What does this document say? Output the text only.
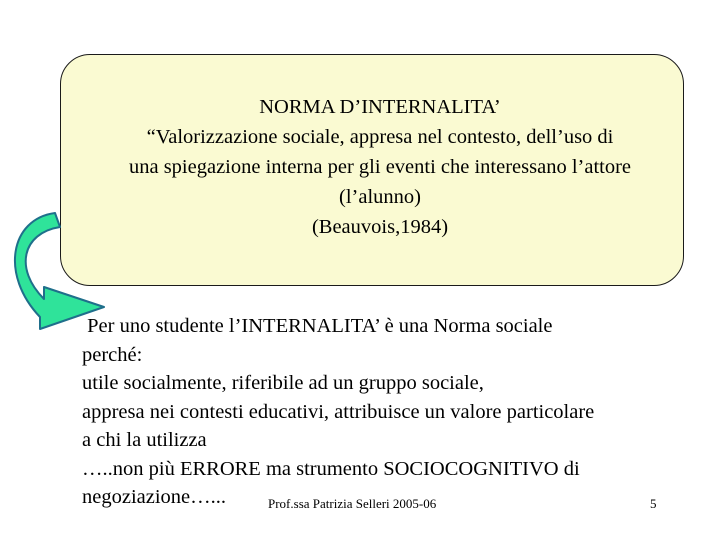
NORMA D’INTERNALITA’
“Valorizzazione sociale, appresa nel contesto, dell’uso di
una spiegazione interna per gli eventi che interessano l’attore
(l’alunno)
(Beauvois,1984)
Per uno studente l’INTERNALITA’ è una Norma sociale
perché:
utile socialmente, riferibile ad un gruppo sociale,
appresa nei contesti educativi, attribuisce un valore particolare
a chi la utilizza
…..non più ERRORE ma strumento SOCIOCOGNITIVO di
negoziazione…...	Prof.ssa Patrizia Selleri 2005-06	5
